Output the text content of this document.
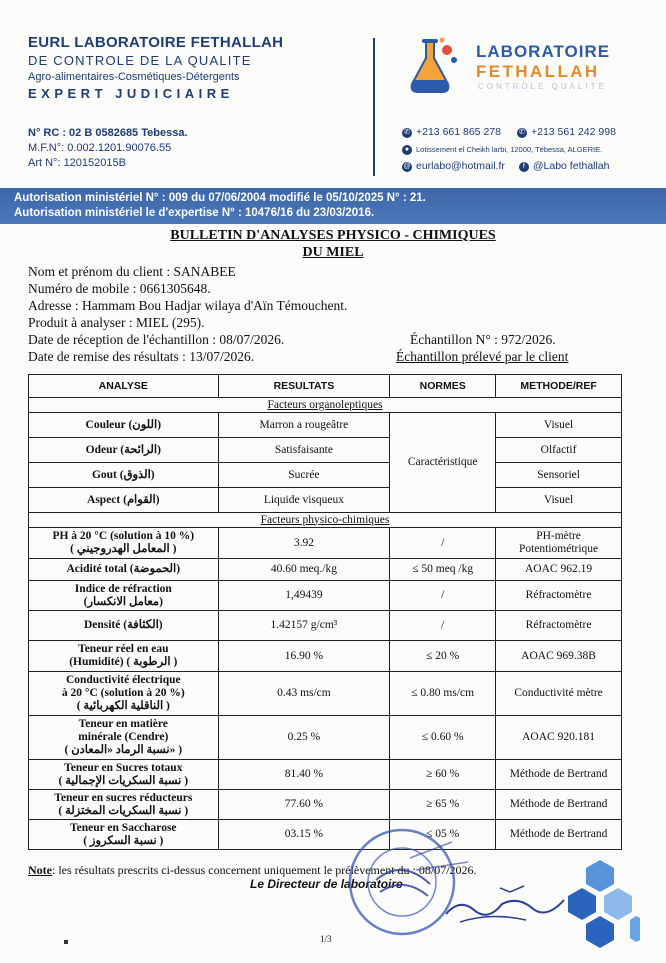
EURL LABORATOIRE FETHALLAH
DE CONTROLE DE LA QUALITE
Agro-alimentaires-Cosmétiques-Détergents
EXPERT JUDICIAIRE
N° RC : 02 B 0582685 Tebessa.
M.F.N°: 0.002.1201.90076.55
Art N°: 120152015B
LABORATOIRE
FETHALLAH
CONTROLE QUALITE
✆ +213 661 865 278	✆ +213 561 242 998
● Lotissement el Cheikh larbi, 12000, Tébessa, ALGERIE.
@ eurlabo@hotmail.fr	f @Labo fethallah
Autorisation ministériel N° : 009 du 07/06/2004 modifié le 05/10/2025 N° : 21.
Autorisation ministériel le d'expertise N° : 10476/16 du 23/03/2016.
BULLETIN D'ANALYSES PHYSICO - CHIMIQUES
DU MIEL
Nom et prénom du client : SANABEE
Numéro de mobile : 0661305648.
Adresse : Hammam Bou Hadjar wilaya d'Aïn Témouchent.
Produit à analyser : MIEL (295).
Date de réception de l'échantillon : 08/07/2026.	Échantillon N° : 972/2026.
Date de remise des résultats : 13/07/2026.	Échantillon prélevé par le client
ANALYSE	RESULTATS	NORMES	METHODE/REF
Facteurs organoleptiques			
Couleur (اللون)	Marron a rougeâtre	Caractéristique	Visuel
Odeur (الرائحة)	Satisfaisante		Olfactif
Gout (الذوق)	Sucrée		Sensoriel
Aspect (القوام)	Liquide visqueux		Visuel
Facteurs physico-chimiques			

PH à 20 °C (solution à 10 %)
( المعامل الهدروجيني )	3.92	/	PH-mètre Potentiométrique

Acidité total (الحموضة)	40.60 meq./kg	≤ 50 meq /kg	AOAC 962.19

Indice de réfraction
(معامل الانكسار)	1,49439	/	Réfractomètre

Densité (الكثافة)	1.42157 g/cm³	/	Réfractomètre

Teneur réel en eau
(Humidité) ( الرطوبة )	16.90 %	≤ 20 %	AOAC 969.38B

Conductivité électrique
à 20 °C (solution à 20 %)
( الناقلية الكهربائية )	0.43 ms/cm	≤ 0.80 ms/cm	Conductivité mètre

Teneur en matière
minérale (Cendre)
( نسبة الرماد «المعادن» )	0.25 %	≤ 0.60 %	AOAC 920.181

Teneur en Sucres totaux
( نسبة السكريات الإجمالية )	81.40 %	≥ 60 %	Méthode de Bertrand

Teneur en sucres réducteurs
( نسبة السكريات المختزلة )	77.60 %	≥ 65 %	Méthode de Bertrand

Teneur en Saccharose
( نسبة السكروز )	03.15 %	≤ 05 %	Méthode de Bertrand
Note: les résultats prescrits ci-dessus concernent uniquement le prélèvement du : 08/07/2026.
Le Directeur de laboratoire
1/3
